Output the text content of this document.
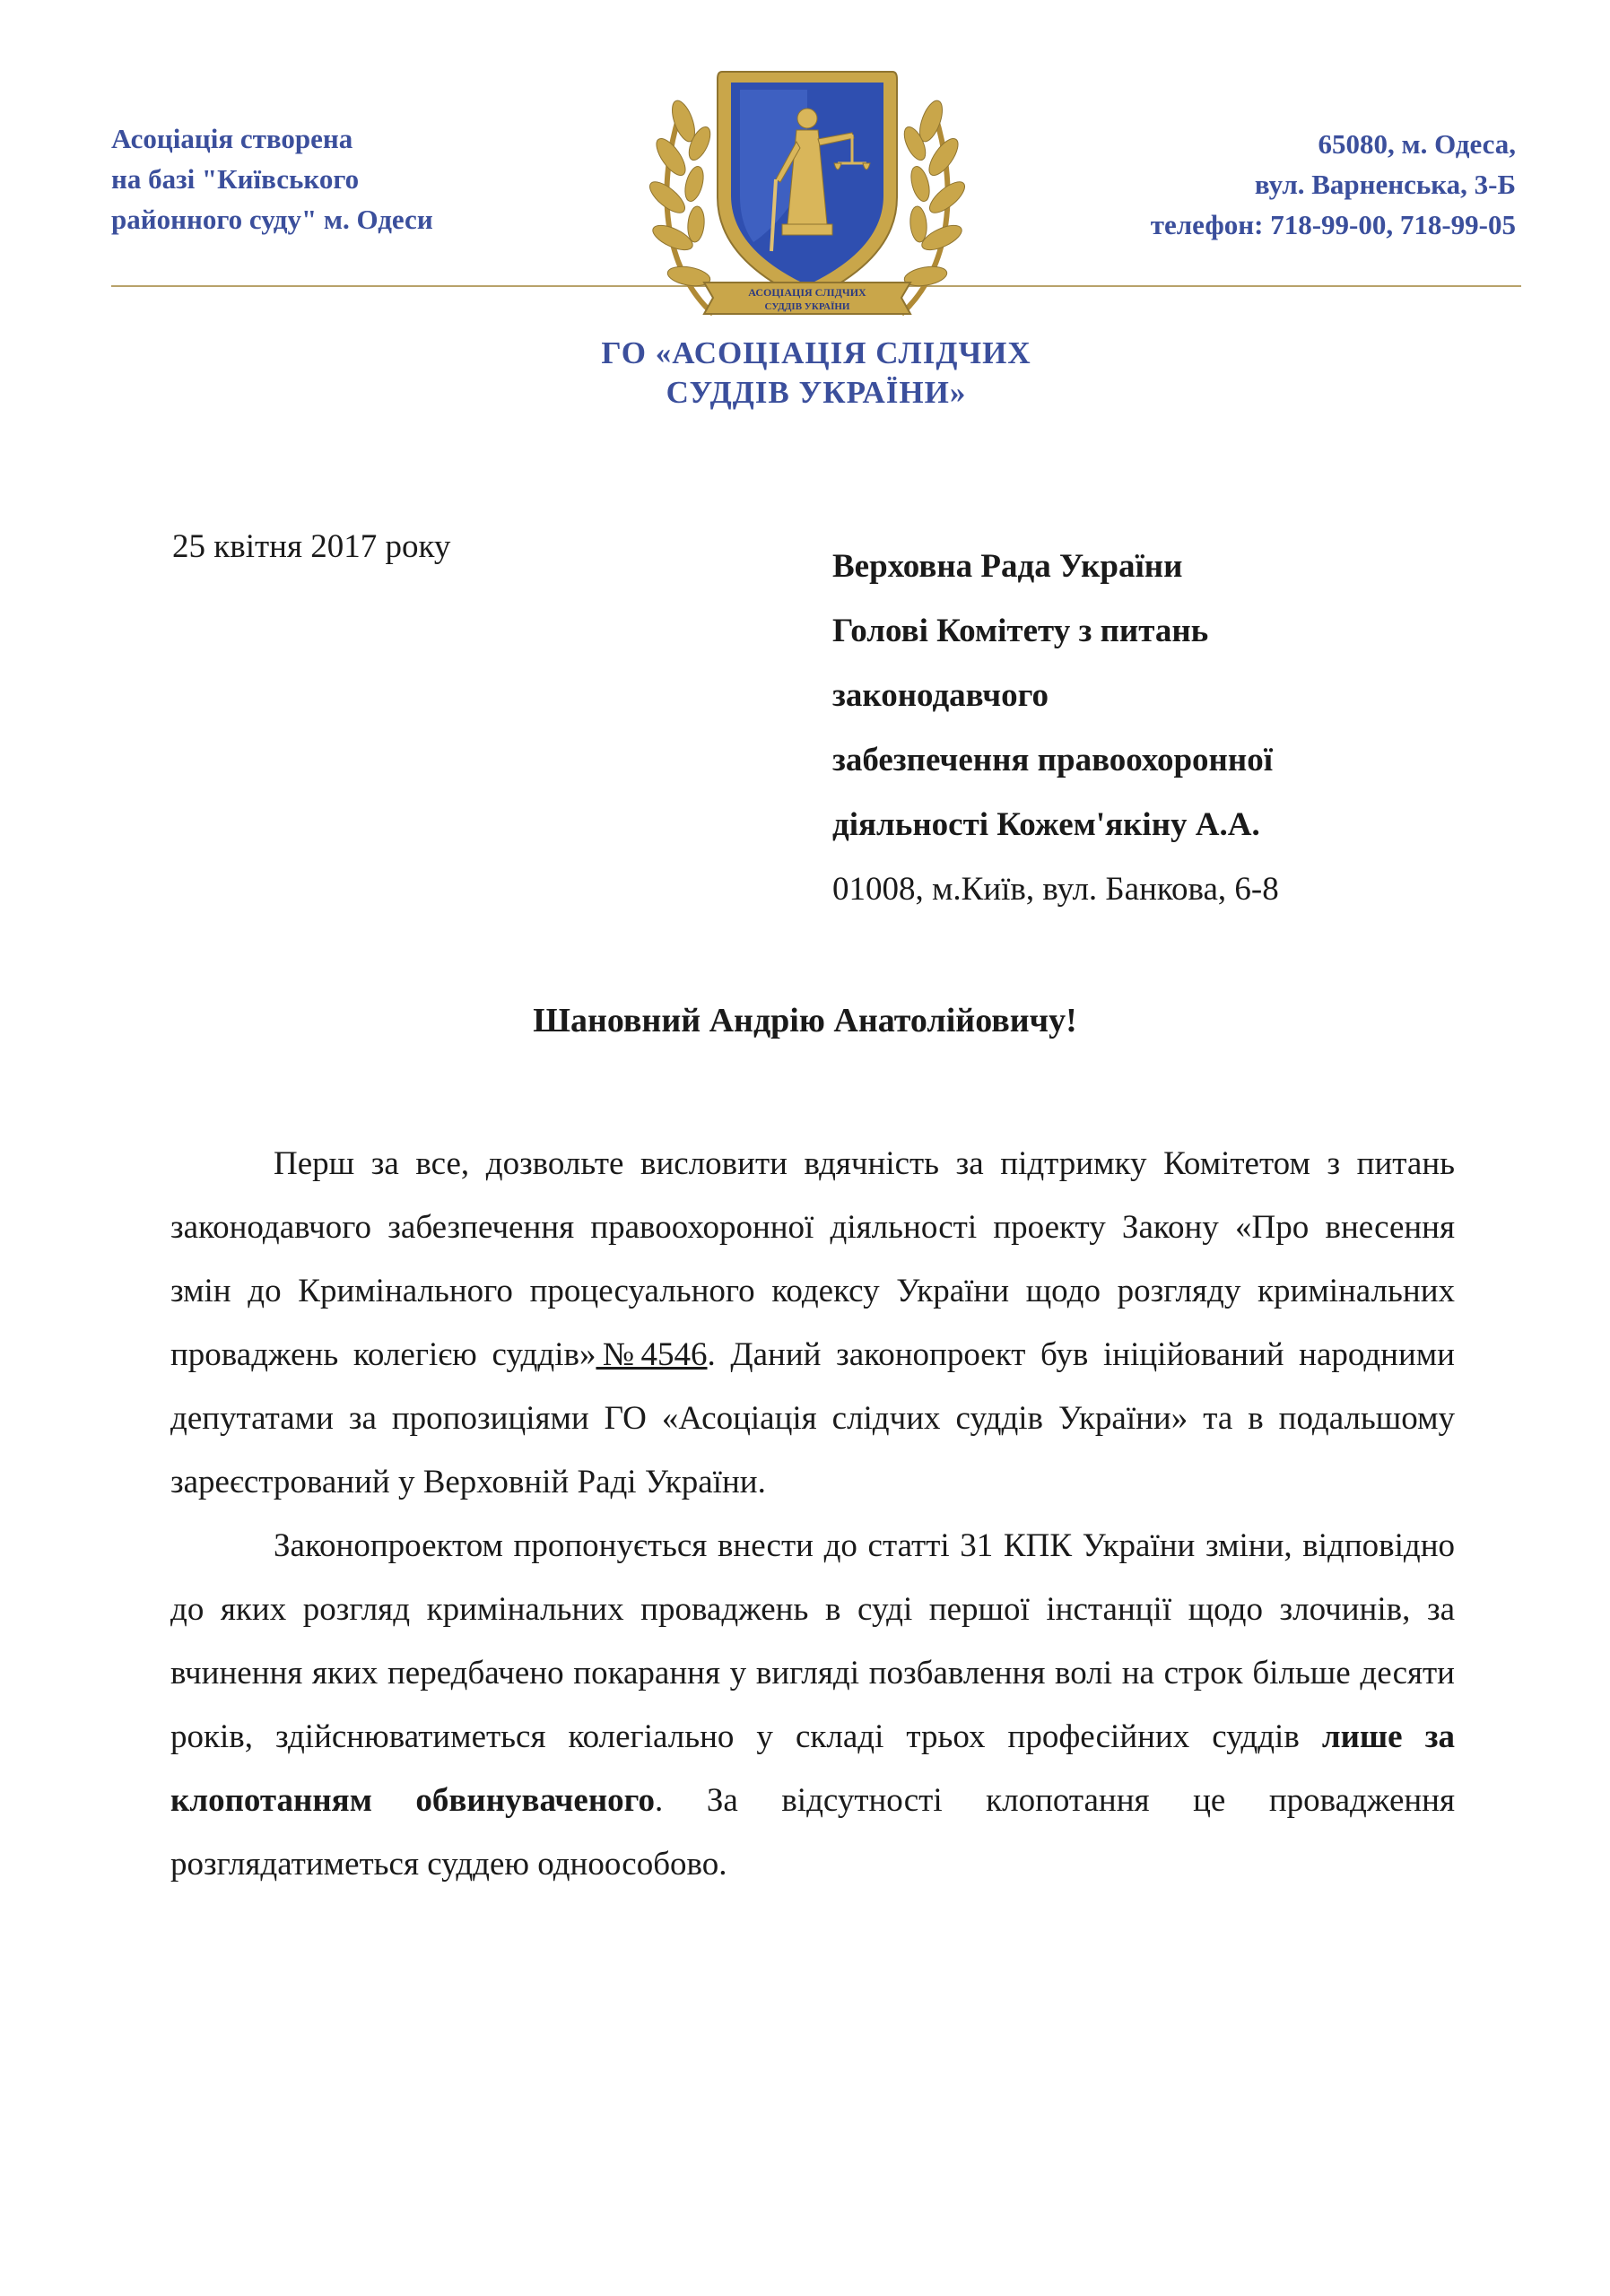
Асоціація створена
на базі "Київського
районного суду" м. Одеси
65080, м. Одеса,
вул. Варненська, 3-Б
телефон: 718-99-00, 718-99-05
АСОЦІАЦІЯ СЛІДЧИХ
СУДДІВ УКРАЇНИ
ГО «АСОЦІАЦІЯ СЛІДЧИХ
СУДДІВ УКРАЇНИ»
25 квітня 2017 року
Верховна Рада України
Голові Комітету з питань
законодавчого
забезпечення правоохоронної
діяльності Кожем'якіну А.А.
01008, м.Київ, вул. Банкова, 6-8
Шановний Андрію Анатолійовичу!

Перш за все, дозвольте висловити вдячність за підтримку Комітетом з питань законодавчого забезпечення правоохоронної діяльності проекту Закону «Про внесення змін до Кримінального процесуального кодексу України щодо розгляду кримінальних проваджень колегією суддів»№4546. Даний законопроект був ініційований народними депутатами за пропозиціями ГО «Асоціація слідчих суддів України» та в подальшому зареєстрований у Верховній Раді України.

Законопроектом пропонується внести до статті 31 КПК України зміни, відповідно до яких розгляд кримінальних проваджень в суді першої інстанції щодо злочинів, за вчинення яких передбачено покарання у вигляді позбавлення волі на строк більше десяти років, здійснюватиметься колегіально у складі трьох професійних суддів лише за клопотанням обвинуваченого. За відсутності клопотання це провадження розглядатиметься суддею одноособово.
